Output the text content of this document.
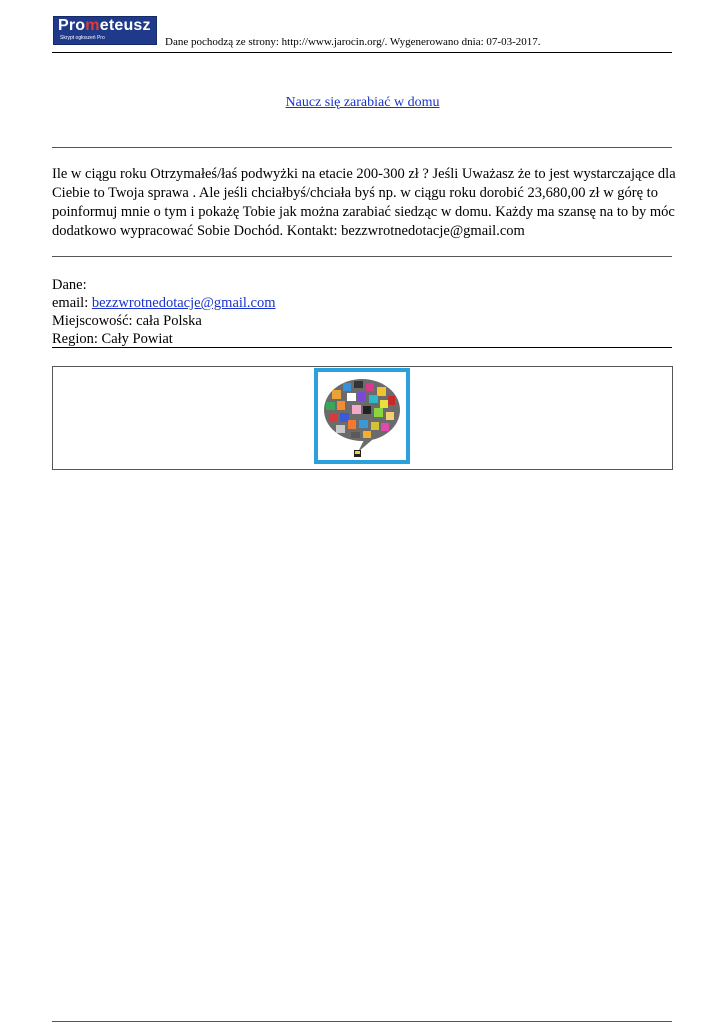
Prometeusz
Skrypt ogłoszeń Pro	Dane pochodzą ze strony: http://www.jarocin.org/. Wygenerowano dnia: 07-03-2017.
Naucz się zarabiać w domu

Ile w ciągu roku Otrzymałeś/łaś podwyżki na etacie 200-300 zł ? Jeśli Uważasz że to jest wystarczające dla Ciebie to Twoja sprawa . Ale jeśli chciałbyś/chciała byś np. w ciągu roku dorobić 23,680,00 zł w górę to poinformuj mnie o tym i pokażę Tobie jak można zarabiać siedząc w domu. Każdy ma szansę na to by móc dodatkowo wypracować Sobie Dochód. Kontakt: bezzwrotnedotacje@gmail.com

Dane:
email: bezzwrotnedotacje@gmail.com
Miejscowość: cała Polska
Region: Cały Powiat
